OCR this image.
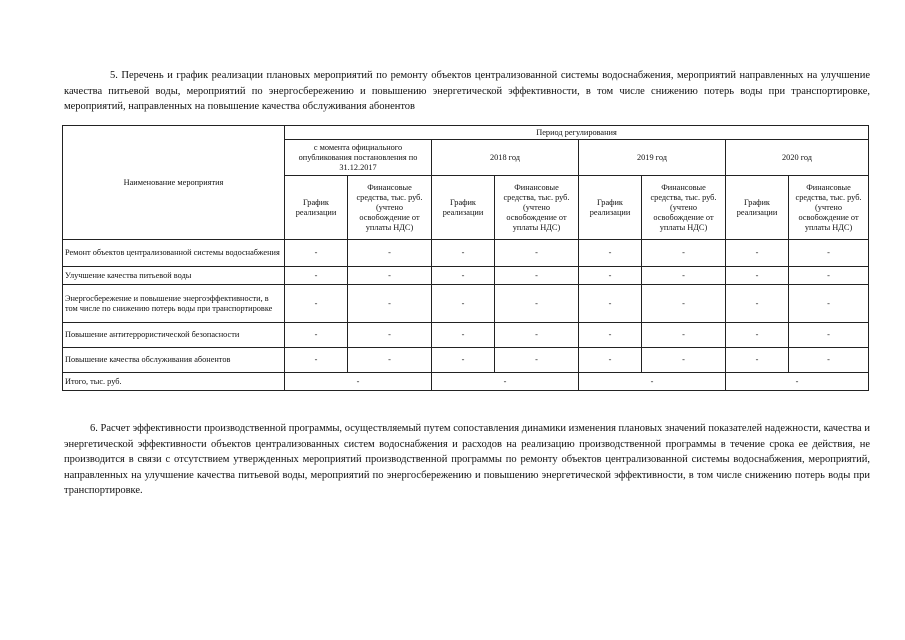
5. Перечень и график реализации плановых мероприятий по ремонту объектов централизованной системы водоснабжения, мероприятий направленных на улучшение качества питьевой воды, мероприятий по энергосбережению и повышению энергетической эффективности, в том числе снижению потерь воды при транспортировке, мероприятий, направленных на повышение качества обслуживания абонентов

Наименование мероприятия	Период регулирования							
	с момента официального опубликования постановления по 31.12.2017		2018 год		2019 год		2020 год	
	График реализации	Финансовые средства, тыс. руб. (учтено освобождение от уплаты НДС)	График реализации	Финансовые средства, тыс. руб. (учтено освобождение от уплаты НДС)	График реализации	Финансовые средства, тыс. руб. (учтено освобождение от уплаты НДС)	График реализации	Финансовые средства, тыс. руб. (учтено освобождение от уплаты НДС)
Ремонт объектов централизованной системы водоснабжения	-	-	-	-	-	-	-	-
Улучшение качества питьевой воды	-	-	-	-	-	-	-	-
Энергосбережение и повышение энергоэффективности, в том числе по снижению потерь воды при транспортировке	-	-	-	-	-	-	-	-
Повышение антитеррористической безопасности	-	-	-	-	-	-	-	-
Повышение качества обслуживания абонентов	-	-	-	-	-	-	-	-
Итого, тыс. руб.	-		-		-		-	

6. Расчет эффективности производственной программы, осуществляемый путем сопоставления динамики изменения плановых значений показателей надежности, качества и энергетической эффективности объектов централизованных систем водоснабжения и расходов на реализацию производственной программы в течение срока ее действия, не производится в связи с отсутствием утвержденных мероприятий производственной программы по ремонту объектов централизованной системы водоснабжения, мероприятий, направленных на улучшение качества питьевой воды, мероприятий по энергосбережению и повышению энергетической эффективности, в том числе снижению потерь воды при транспортировке.
